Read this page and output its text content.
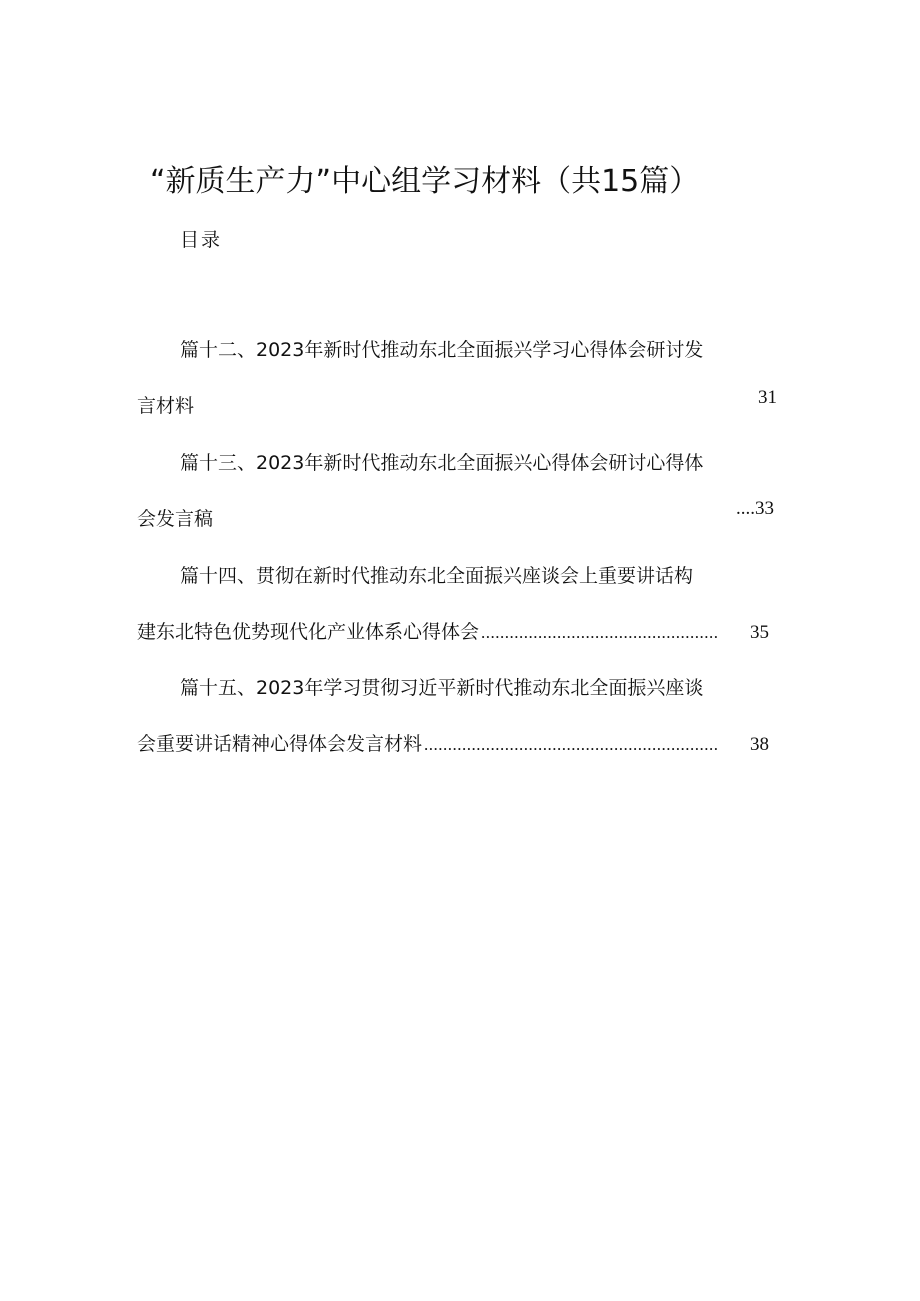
“新质生产力”中心组学习材料（共15篇）
目录
篇十二、2023年新时代推动东北全面振兴学习心得体会研讨发
言材料	31
篇十三、2023年新时代推动东北全面振兴心得体会研讨心得体
会发言稿	....33
篇十四、贯彻在新时代推动东北全面振兴座谈会上重要讲话构
建东北特色优势现代化产业体系心得体会 ..................................................	35
篇十五、2023年学习贯彻习近平新时代推动东北全面振兴座谈
会重要讲话精神心得体会发言材料 ..............................................................	38
